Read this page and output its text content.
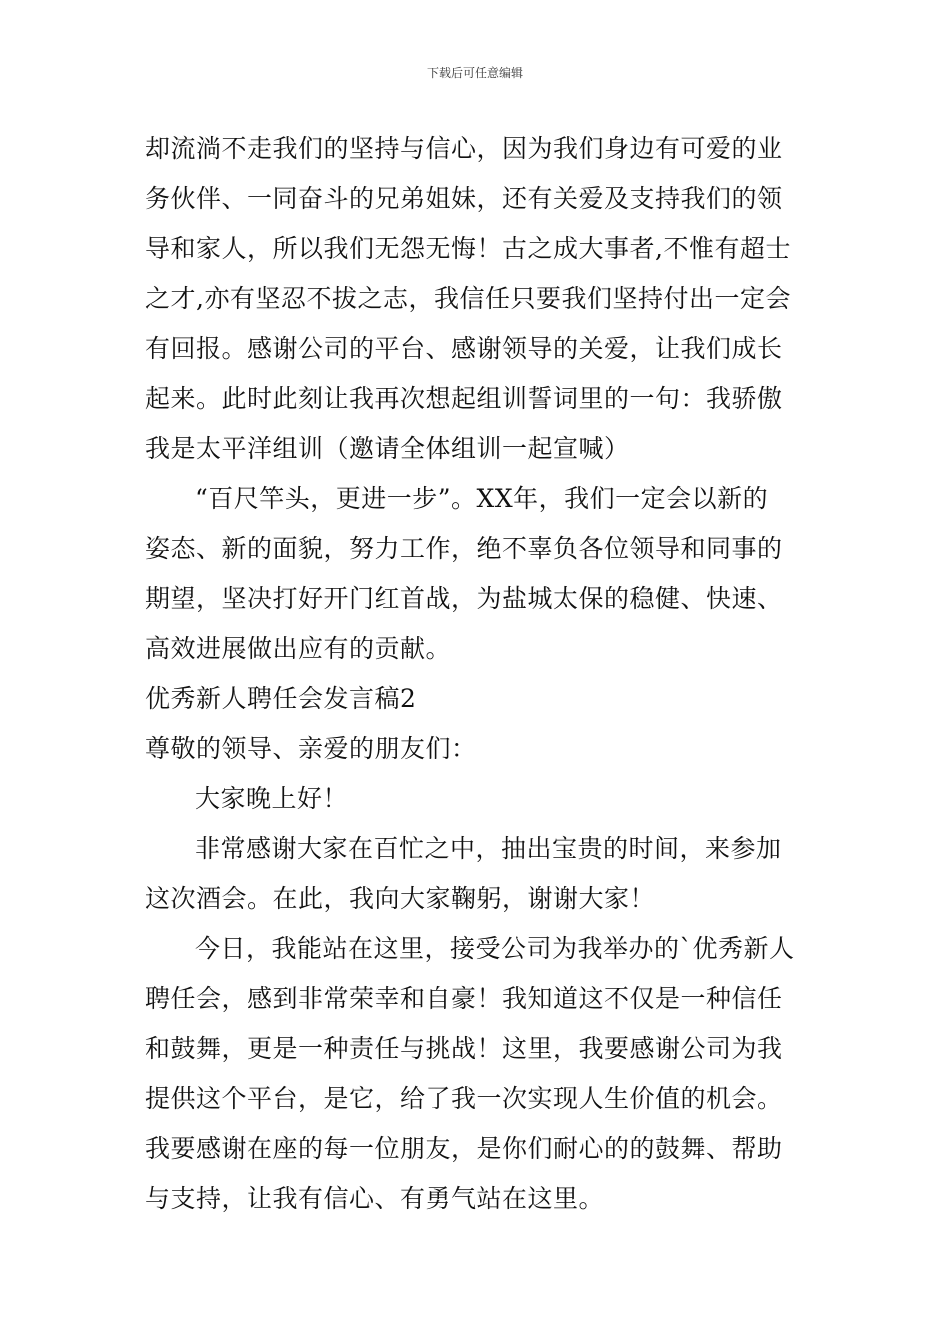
下载后可任意编辑
却流淌不走我们的坚持与信心，因为我们身边有可爱的业
务伙伴、一同奋斗的兄弟姐妹，还有关爱及支持我们的领
导和家人，所以我们无怨无悔！古之成大事者,不惟有超士
之才,亦有坚忍不拔之志，我信任只要我们坚持付出一定会
有回报。感谢公司的平台、感谢领导的关爱，让我们成长
起来。此时此刻让我再次想起组训誓词里的一句：我骄傲
我是太平洋组训（邀请全体组训一起宣喊）
“百尺竿头，更进一步”。XX年，我们一定会以新的
姿态、新的面貌，努力工作，绝不辜负各位领导和同事的
期望，坚决打好开门红首战，为盐城太保的稳健、快速、
高效进展做出应有的贡献。
优秀新人聘任会发言稿2
尊敬的领导、亲爱的朋友们：
大家晚上好！
非常感谢大家在百忙之中，抽出宝贵的时间，来参加
这次酒会。在此，我向大家鞠躬，谢谢大家！
今日，我能站在这里，接受公司为我举办的`优秀新人
聘任会，感到非常荣幸和自豪！我知道这不仅是一种信任
和鼓舞，更是一种责任与挑战！这里，我要感谢公司为我
提供这个平台，是它，给了我一次实现人生价值的机会。
我要感谢在座的每一位朋友，是你们耐心的的鼓舞、帮助
与支持，让我有信心、有勇气站在这里。
